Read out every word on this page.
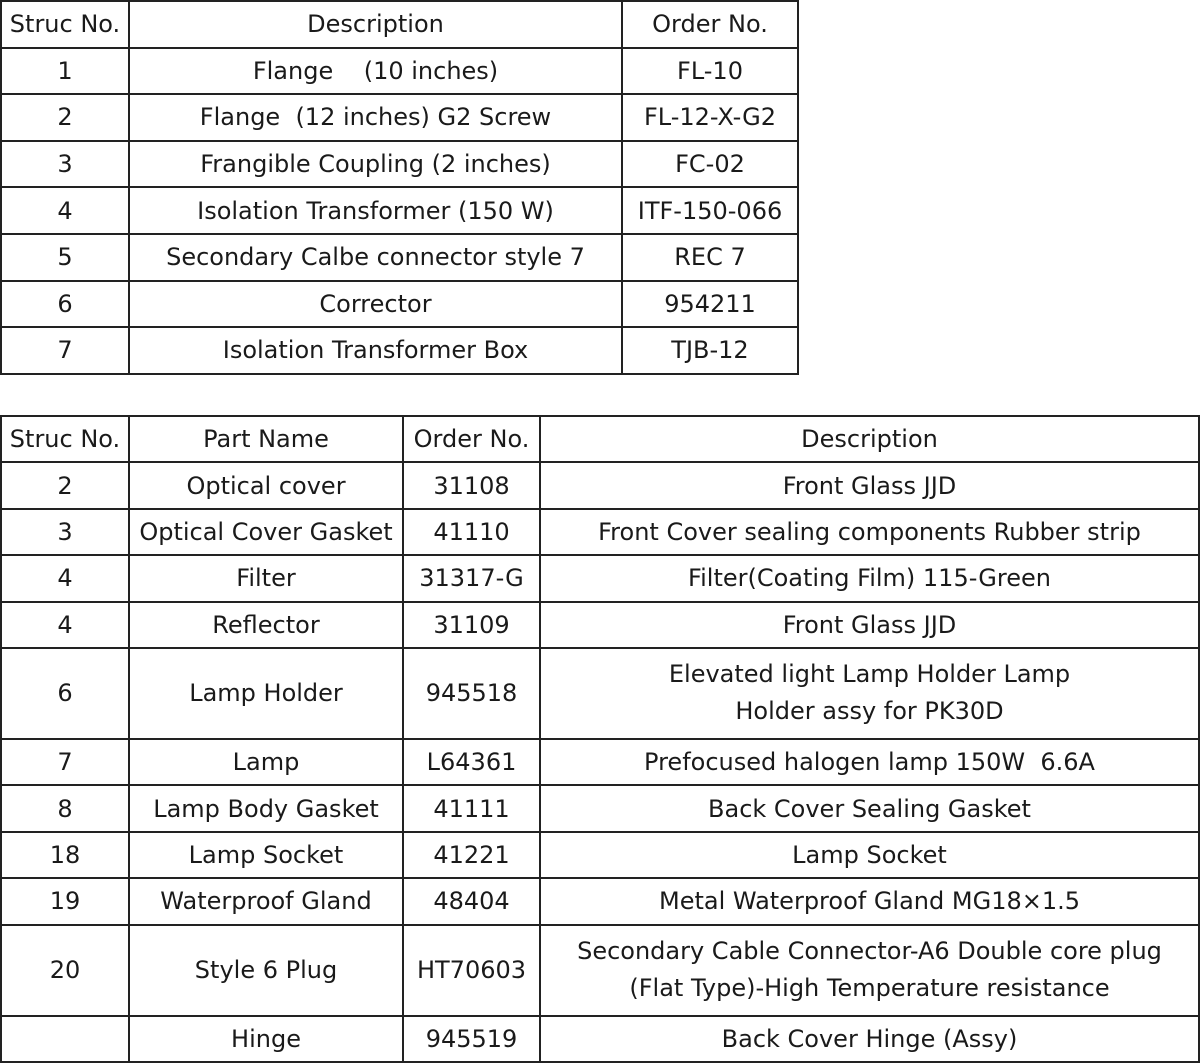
Struc No.	Description	Order No.
1	Flange    (10 inches)	FL-10
2	Flange  (12 inches) G2 Screw	FL-12-X-G2
3	Frangible Coupling (2 inches)	FC-02
4	Isolation Transformer (150 W)	ITF-150-066
5	Secondary Calbe connector style 7	REC 7
6	Corrector	954211
7	Isolation Transformer Box	TJB-12
Struc No.	Part Name	Order No.	Description
2	Optical cover	31108	Front Glass JJD
3	Optical Cover Gasket	41110	Front Cover sealing components Rubber strip
4	Filter	31317-G	Filter(Coating Film) 115-Green
4	Reflector	31109	Front Glass JJD
6	Lamp Holder	945518	Elevated light Lamp Holder Lamp Holder assy for PK30D
7	Lamp	L64361	Prefocused halogen lamp 150W  6.6A
8	Lamp Body Gasket	41111	Back Cover Sealing Gasket
18	Lamp Socket	41221	Lamp Socket
19	Waterproof Gland	48404	Metal Waterproof Gland MG18×1.5
20	Style 6 Plug	HT70603	Secondary Cable Connector-A6 Double core plug (Flat Type)-High Temperature resistance
	Hinge	945519	Back Cover Hinge (Assy)
